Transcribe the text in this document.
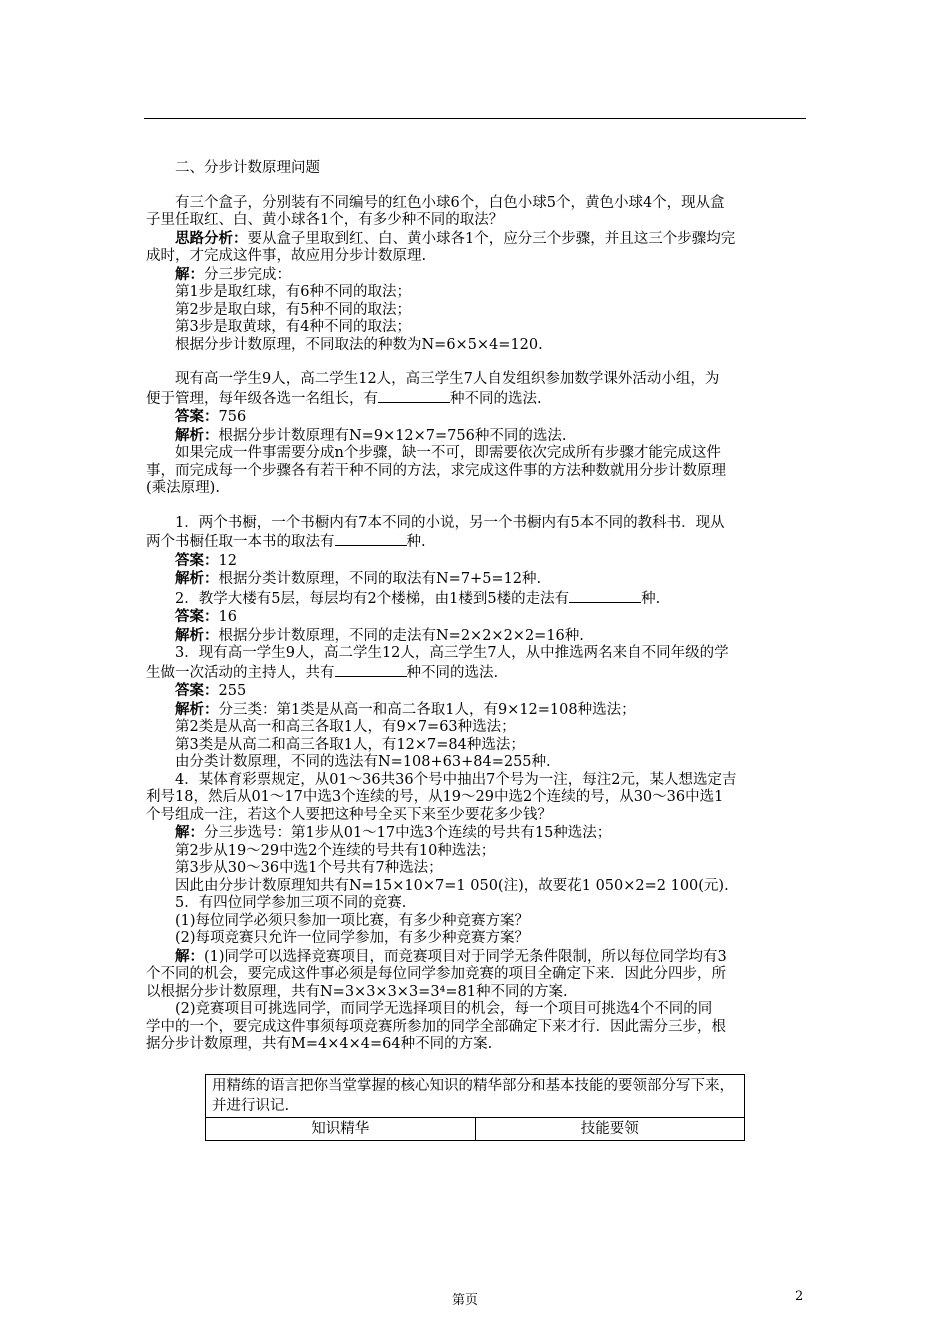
二、分步计数原理问题

有三个盒子，分别装有不同编号的红色小球6个，白色小球5个，黄色小球4个，现从盒

子里任取红、白、黄小球各1个，有多少种不同的取法？

思路分析：要从盒子里取到红、白、黄小球各1个，应分三个步骤，并且这三个步骤均完

成时，才完成这件事，故应用分步计数原理.

解：分三步完成：

第1步是取红球，有6种不同的取法；

第2步是取白球，有5种不同的取法；

第3步是取黄球，有4种不同的取法；

根据分步计数原理，不同取法的种数为N=6×5×4=120.

现有高一学生9人，高二学生12人，高三学生7人自发组织参加数学课外活动小组，为

便于管理，每年级各选一名组长，有	种不同的选法.

答案：756

解析：根据分步计数原理有N=9×12×7=756种不同的选法.

如果完成一件事需要分成n个步骤，缺一不可，即需要依次完成所有步骤才能完成这件

事，而完成每一个步骤各有若干种不同的方法，求完成这件事的方法种数就用分步计数原理

(乘法原理).

1．两个书橱，一个书橱内有7本不同的小说，另一个书橱内有5本不同的教科书．现从

两个书橱任取一本书的取法有	种.

答案：12

解析：根据分类计数原理，不同的取法有N=7+5=12种.

2．教学大楼有5层，每层均有2个楼梯，由1楼到5楼的走法有	种.

答案：16

解析：根据分步计数原理，不同的走法有N=2×2×2×2=16种.

3．现有高一学生9人，高二学生12人，高三学生7人，从中推选两名来自不同年级的学

生做一次活动的主持人，共有	种不同的选法.

答案：255

解析：分三类：第1类是从高一和高二各取1人，有9×12=108种选法；

第2类是从高一和高三各取1人，有9×7=63种选法；

第3类是从高二和高三各取1人，有12×7=84种选法；

由分类计数原理，不同的选法有N=108+63+84=255种.

4．某体育彩票规定，从01～36共36个号中抽出7个号为一注，每注2元，某人想选定吉

利号18，然后从01～17中选3个连续的号，从19～29中选2个连续的号，从30～36中选1

个号组成一注，若这个人要把这种号全买下来至少要花多少钱？

解：分三步选号：第1步从01～17中选3个连续的号共有15种选法；

第2步从19～29中选2个连续的号共有10种选法；

第3步从30～36中选1个号共有7种选法；

因此由分步计数原理知共有N=15×10×7=1 050(注)，故要花1 050×2=2 100(元).

5．有四位同学参加三项不同的竞赛.

(1)每位同学必须只参加一项比赛，有多少种竞赛方案？

(2)每项竞赛只允许一位同学参加，有多少种竞赛方案？

解：(1)同学可以选择竞赛项目，而竞赛项目对于同学无条件限制，所以每位同学均有3

个不同的机会，要完成这件事必须是每位同学参加竞赛的项目全确定下来．因此分四步，所

以根据分步计数原理，共有N=3×3×3×3=3⁴=81种不同的方案.

(2)竞赛项目可挑选同学，而同学无选择项目的机会，每一个项目可挑选4个不同的同

学中的一个，要完成这件事须每项竞赛所参加的同学全部确定下来才行．因此需分三步，根

据分步计数原理，共有M=4×4×4=64种不同的方案.

用精练的语言把你当堂掌握的核心知识的精华部分和基本技能的要领部分写下来，并进行识记.
知识精华	技能要领
第页	2
